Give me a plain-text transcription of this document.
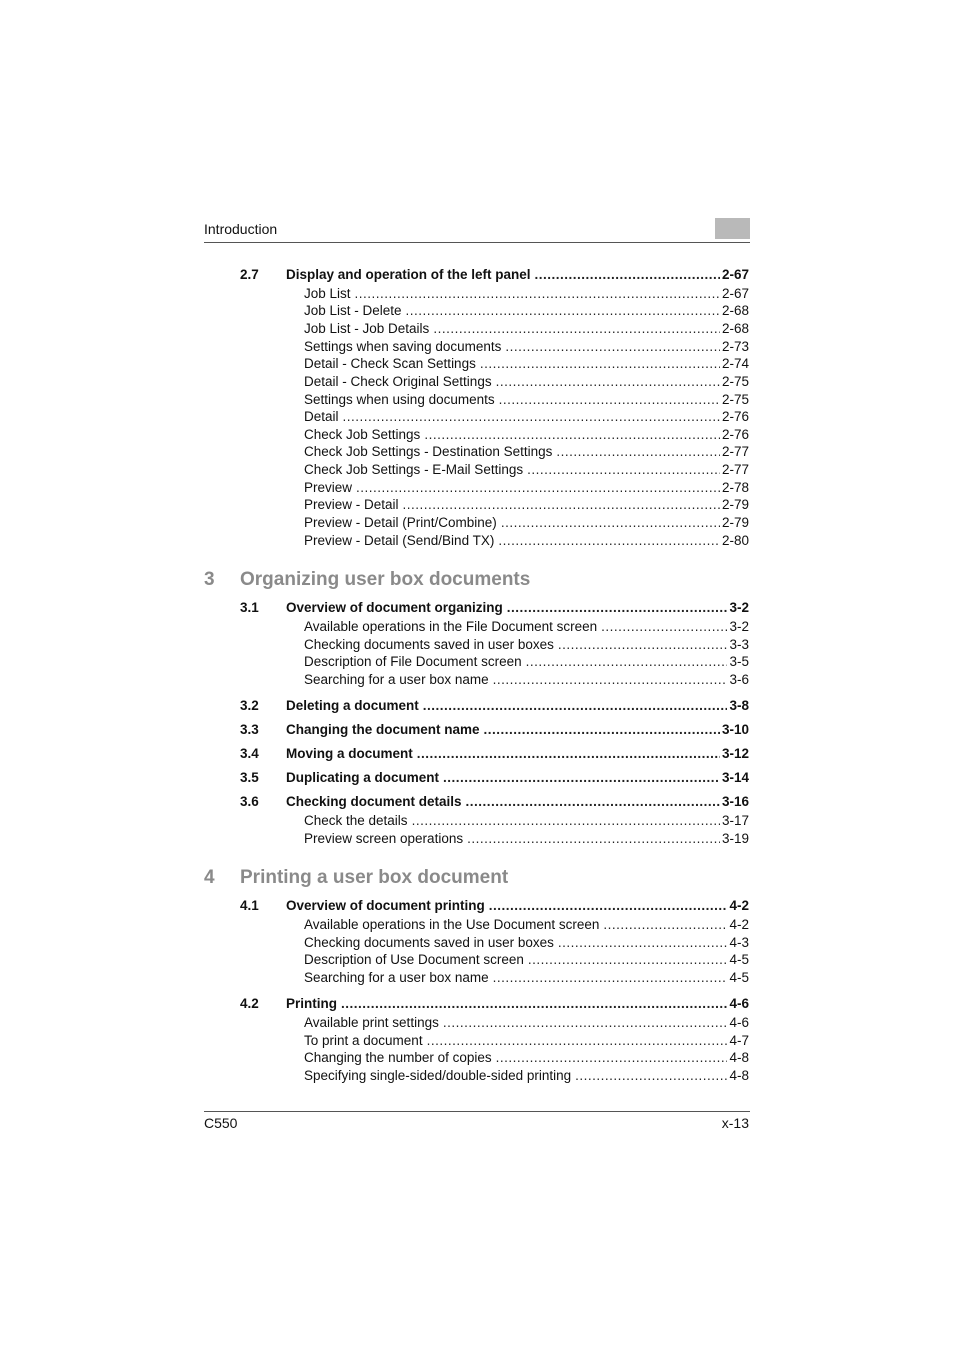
Introduction
2.7 Display and operation of the left panel .....	2-67
Job List .....	2-67
Job List - Delete .....	2-68
Job List - Job Details .....	2-68
Settings when saving documents .....	2-73
Detail - Check Scan Settings .....	2-74
Detail - Check Original Settings .....	2-75
Settings when using documents .....	2-75
Detail .....	2-76
Check Job Settings .....	2-76
Check Job Settings - Destination Settings .....	2-77
Check Job Settings - E-Mail Settings .....	2-77
Preview .....	2-78
Preview - Detail .....	2-79
Preview - Detail (Print/Combine) .....	2-79
Preview - Detail (Send/Bind TX) .....	2-80
3 Organizing user box documents
3.1 Overview of document organizing .....	3-2
Available operations in the File Document screen .....	3-2
Checking documents saved in user boxes .....	3-3
Description of File Document screen .....	3-5
Searching for a user box name .....	3-6
3.2 Deleting a document .....	3-8
3.3 Changing the document name .....	3-10
3.4 Moving a document .....	3-12
3.5 Duplicating a document .....	3-14
3.6 Checking document details .....	3-16
Check the details .....	3-17
Preview screen operations .....	3-19
4 Printing a user box document
4.1 Overview of document printing .....	4-2
Available operations in the Use Document screen .....	4-2
Checking documents saved in user boxes .....	4-3
Description of Use Document screen .....	4-5
Searching for a user box name .....	4-5
4.2 Printing .....	4-6
Available print settings .....	4-6
To print a document .....	4-7
Changing the number of copies .....	4-8
Specifying single-sided/double-sided printing .....	4-8
C550	x-13
